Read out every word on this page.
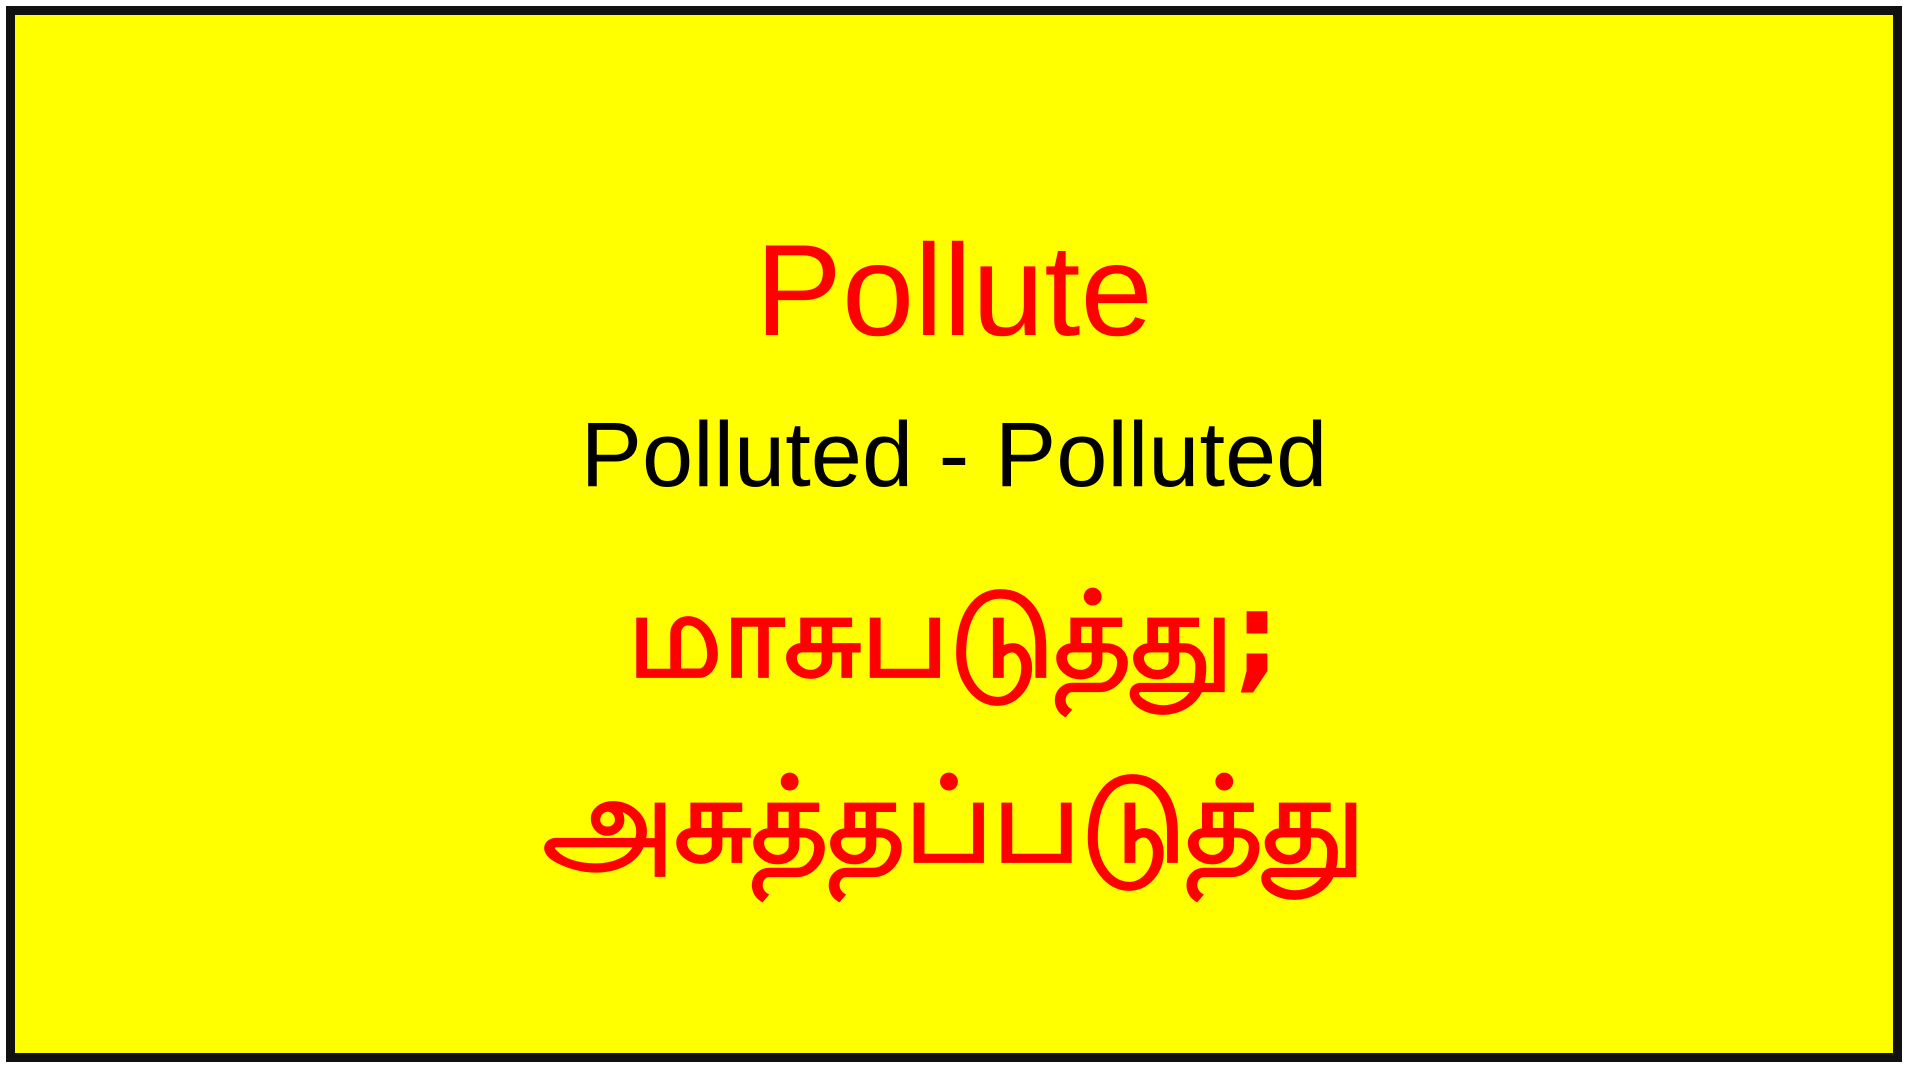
Pollute
Polluted - Polluted
மாசுபடுத்து;
அசுத்தப்படுத்து
